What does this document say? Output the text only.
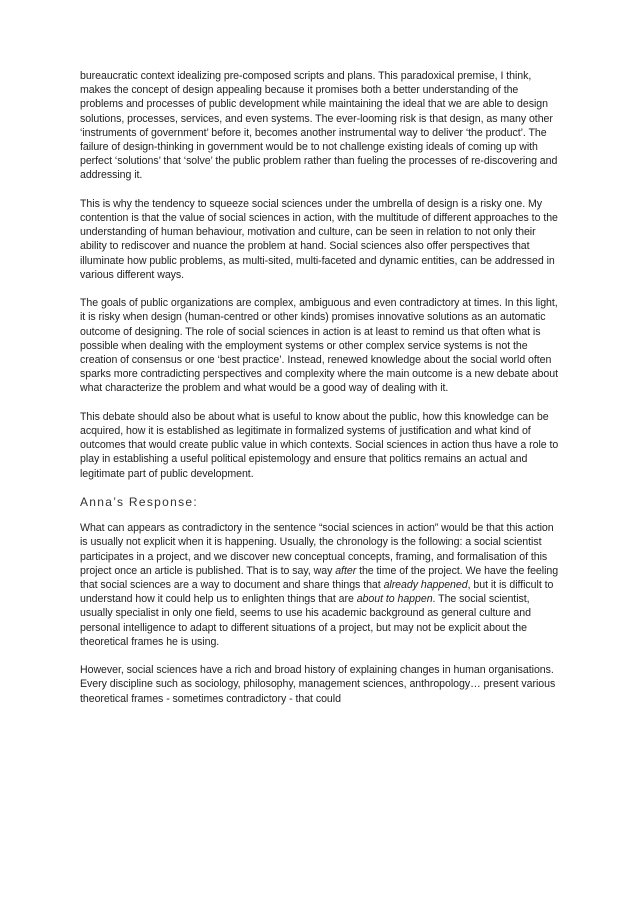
bureaucratic context idealizing pre-composed scripts and plans. This paradoxical premise, I think, makes the concept of design appealing because it promises both a better understanding of the problems and processes of public development while maintaining the ideal that we are able to design solutions, processes, services, and even systems. The ever-looming risk is that design, as many other ‘instruments of government’ before it, becomes another instrumental way to deliver ‘the product’. The failure of design-thinking in government would be to not challenge existing ideals of coming up with perfect ‘solutions’ that ‘solve’ the public problem rather than fueling the processes of re-discovering and addressing it.

This is why the tendency to squeeze social sciences under the umbrella of design is a risky one. My contention is that the value of social sciences in action, with the multitude of different approaches to the understanding of human behaviour, motivation and culture, can be seen in relation to not only their ability to rediscover and nuance the problem at hand. Social sciences also offer perspectives that illuminate how public problems, as multi-sited, multi-faceted and dynamic entities, can be addressed in various different ways.

The goals of public organizations are complex, ambiguous and even contradictory at times. In this light, it is risky when design (human-centred or other kinds) promises innovative solutions as an automatic outcome of designing. The role of social sciences in action is at least to remind us that often what is possible when dealing with the employment systems or other complex service systems is not the creation of consensus or one ‘best practice’. Instead, renewed knowledge about the social world often sparks more contradicting perspectives and complexity where the main outcome is a new debate about what characterize the problem and what would be a good way of dealing with it.

This debate should also be about what is useful to know about the public, how this knowledge can be acquired, how it is established as legitimate in formalized systems of justification and what kind of outcomes that would create public value in which contexts. Social sciences in action thus have a role to play in establishing a useful political epistemology and ensure that politics remains an actual and legitimate part of public development.

Anna’s Response:

What can appears as contradictory in the sentence “social sciences in action” would be that this action is usually not explicit when it is happening. Usually, the chronology is the following: a social scientist participates in a project, and we discover new conceptual concepts, framing, and formalisation of this project once an article is published. That is to say, way after the time of the project. We have the feeling that social sciences are a way to document and share things that already happened, but it is difficult to understand how it could help us to enlighten things that are about to happen. The social scientist, usually specialist in only one field, seems to use his academic background as general culture and personal intelligence to adapt to different situations of a project, but may not be explicit about the theoretical frames he is using.

However, social sciences have a rich and broad history of explaining changes in human organisations. Every discipline such as sociology, philosophy, management sciences, anthropology… present various theoretical frames - sometimes contradictory - that could
